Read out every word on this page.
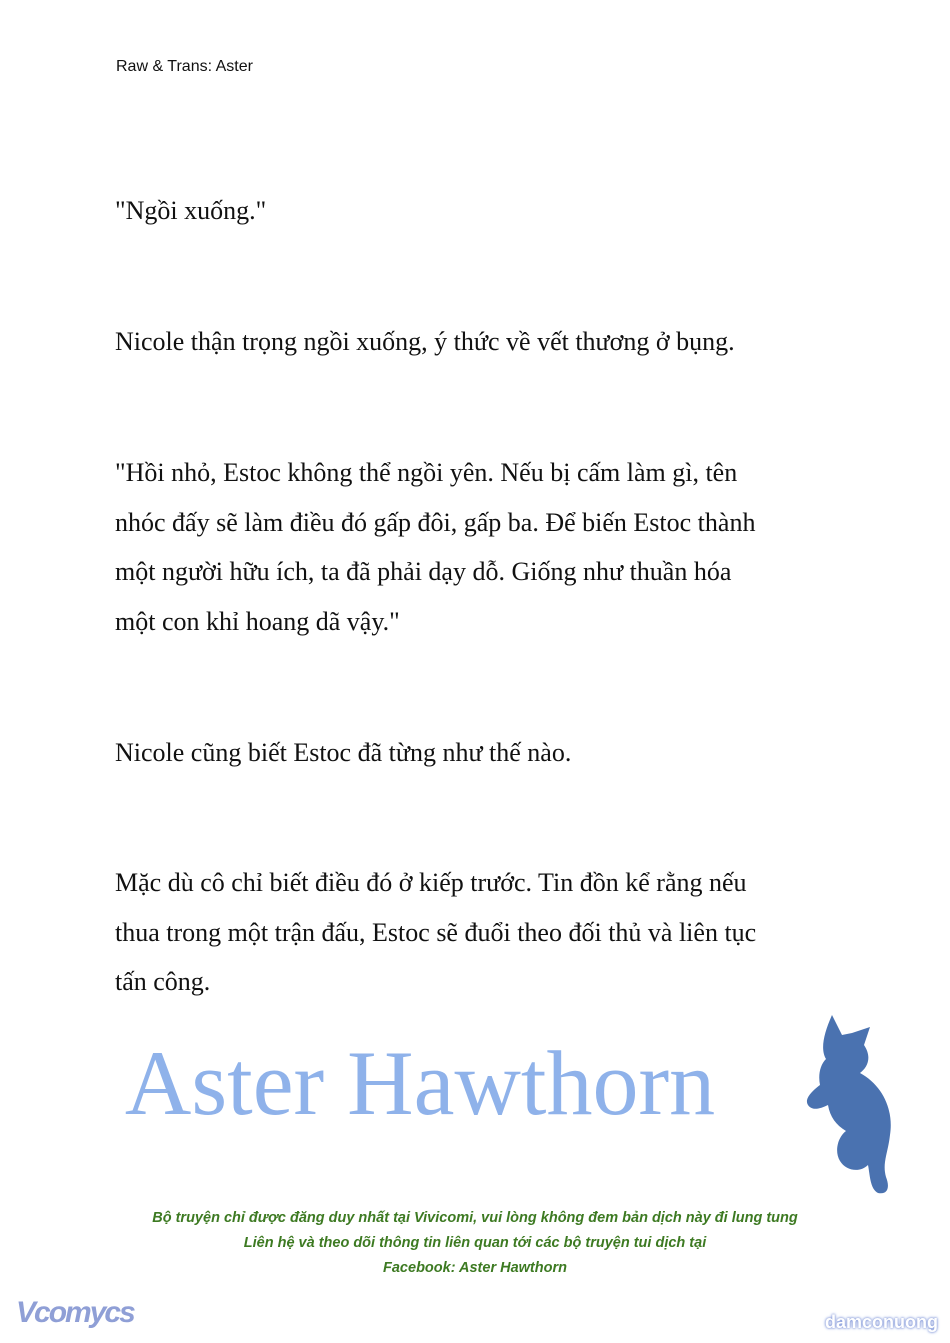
Raw & Trans: Aster
"Ngồi xuống."
Nicole thận trọng ngồi xuống, ý thức về vết thương ở bụng.
"Hồi nhỏ, Estoc không thể ngồi yên. Nếu bị cấm làm gì, tên
nhóc đấy sẽ làm điều đó gấp đôi, gấp ba. Để biến Estoc thành
một người hữu ích, ta đã phải dạy dỗ. Giống như thuần hóa
một con khỉ hoang dã vậy."
Nicole cũng biết Estoc đã từng như thế nào.
Mặc dù cô chỉ biết điều đó ở kiếp trước. Tin đồn kể rằng nếu
thua trong một trận đấu, Estoc sẽ đuổi theo đối thủ và liên tục
tấn công.
Aster Hawthorn
Bộ truyện chỉ được đăng duy nhất tại Vivicomi, vui lòng không đem bản dịch này đi lung tung
Liên hệ và theo dõi thông tin liên quan tới các bộ truyện tui dịch tại
Facebook: Aster Hawthorn
Vcomycs	damconuong
